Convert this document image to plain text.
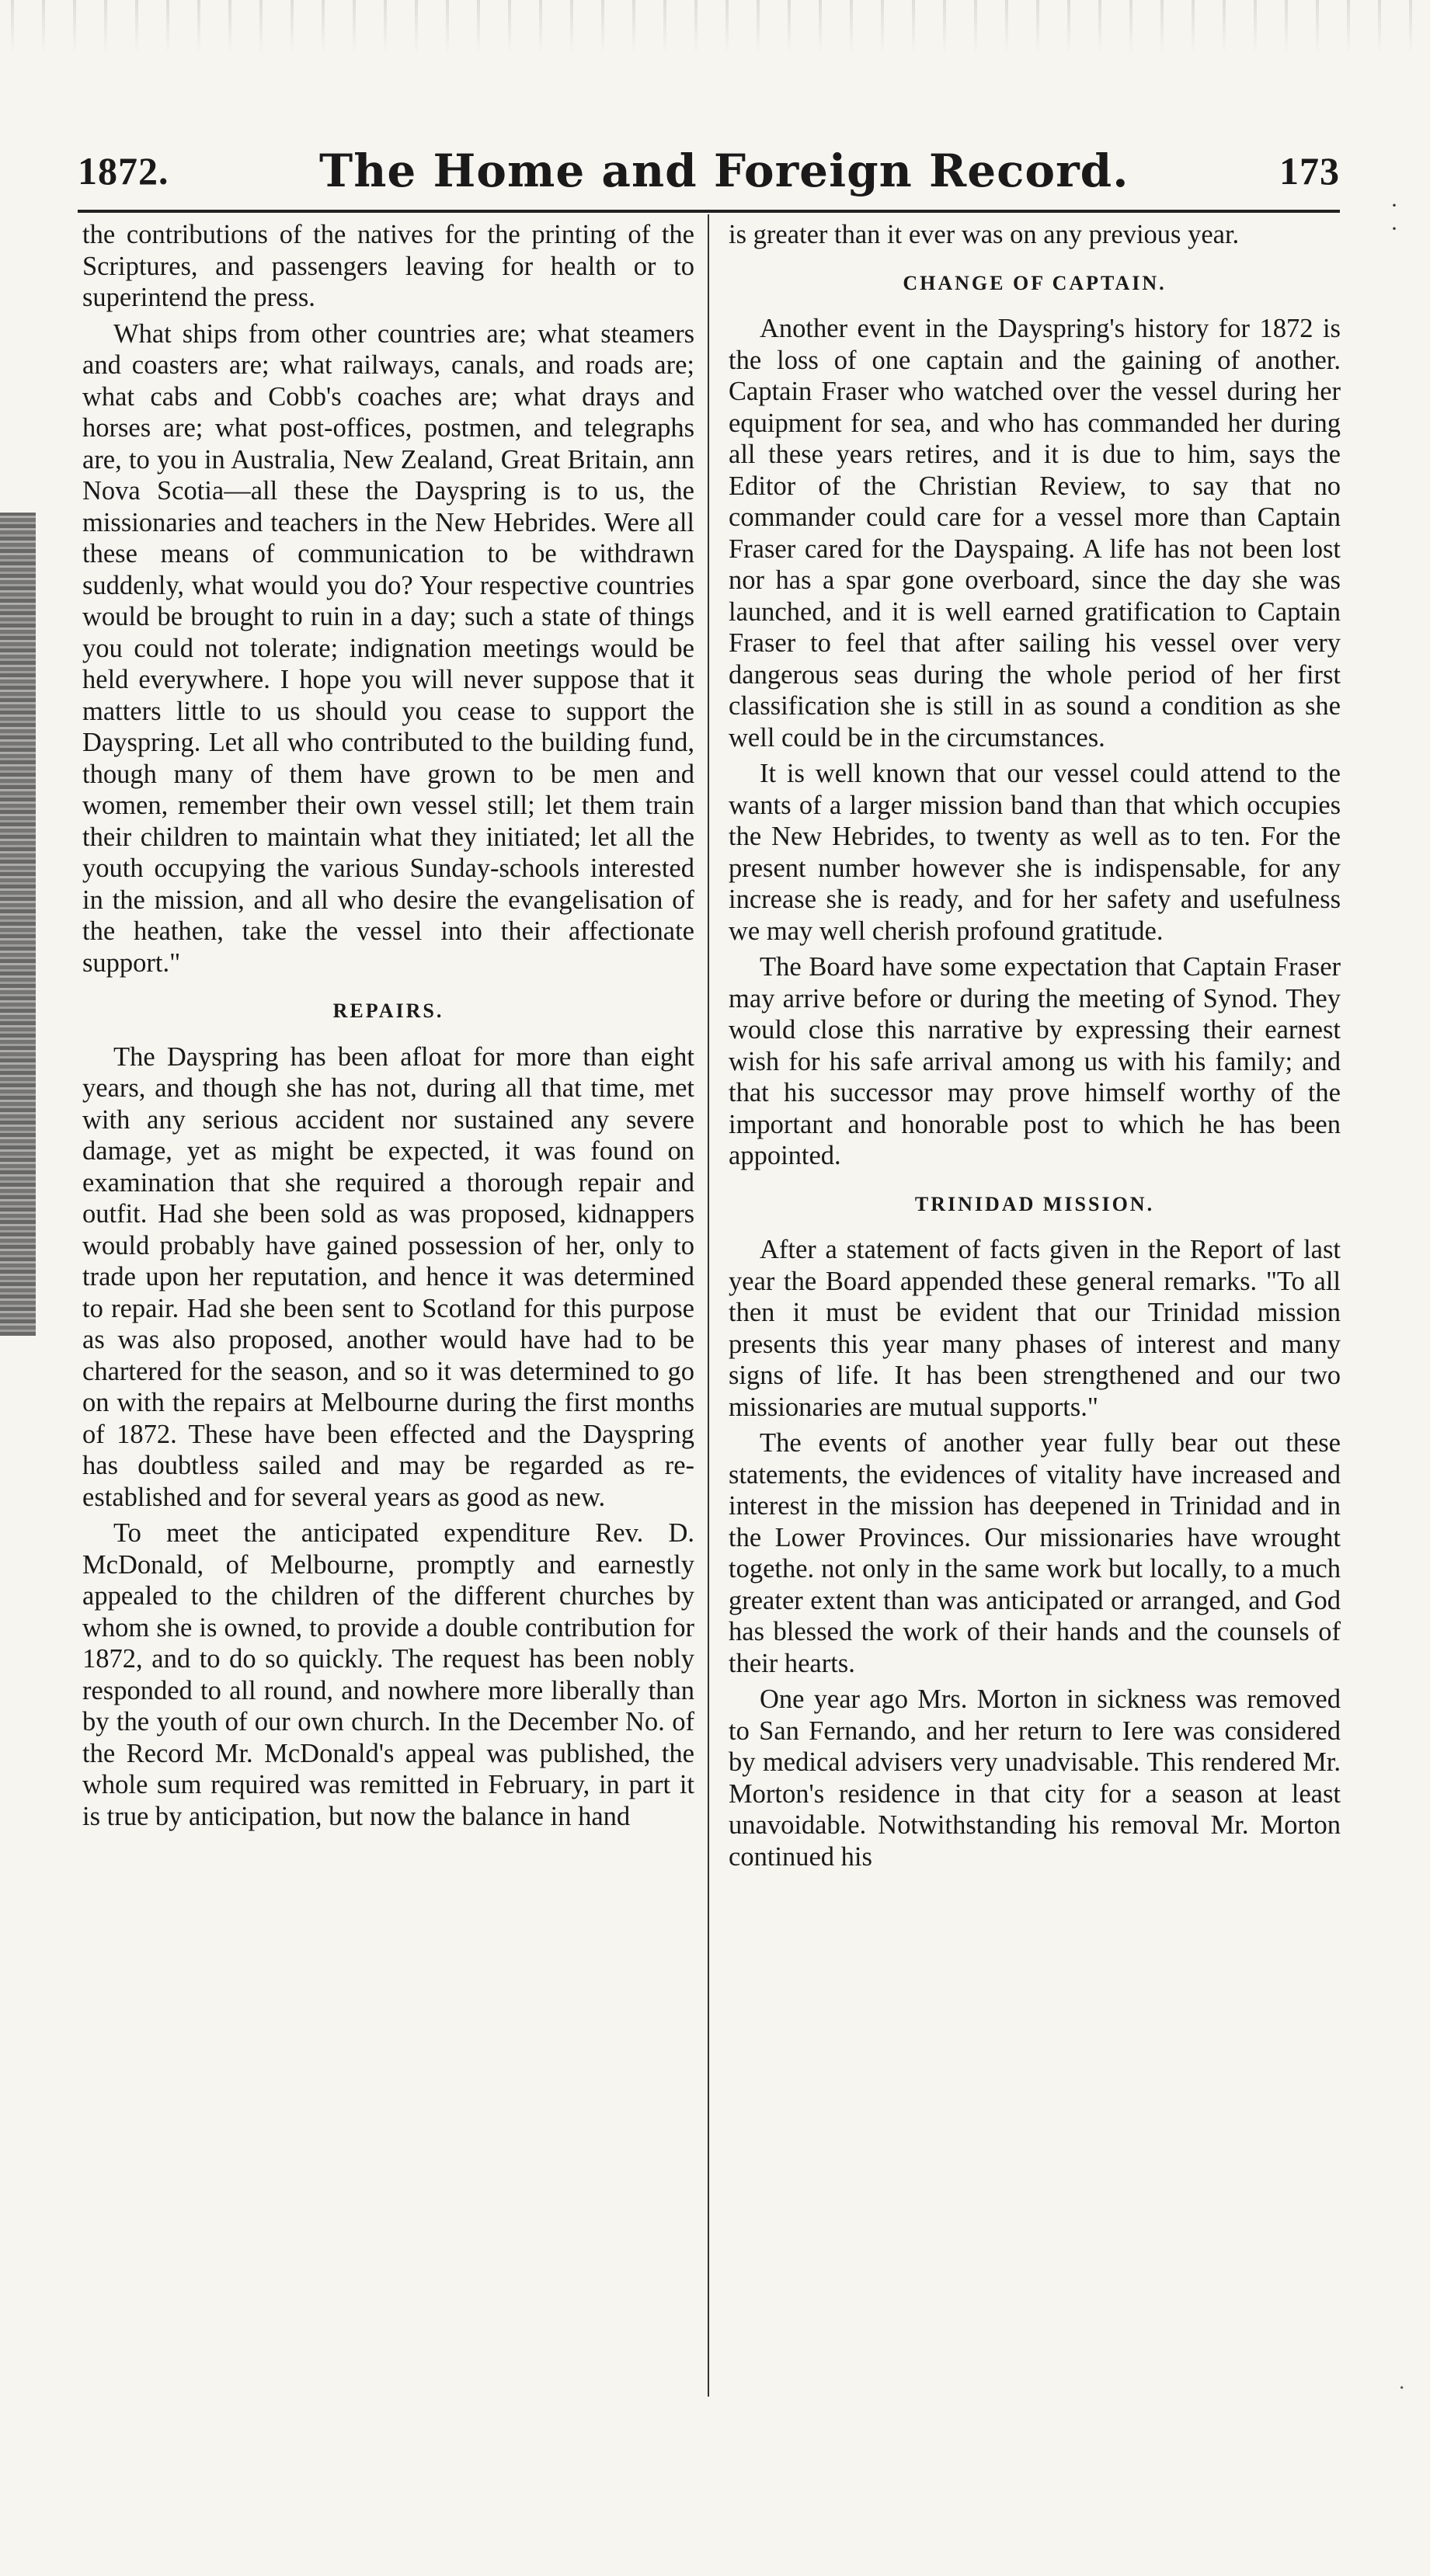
1872.	The Home and Foreign Record.	173

the contributions of the natives for the printing of the Scriptures, and passengers leaving for health or to superintend the press.

What ships from other countries are; what steamers and coasters are; what railways, canals, and roads are; what cabs and Cobb's coaches are; what drays and horses are; what post-offices, postmen, and telegraphs are, to you in Australia, New Zealand, Great Britain, ann Nova Scotia—all these the Dayspring is to us, the missionaries and teachers in the New Hebrides. Were all these means of communication to be withdrawn suddenly, what would you do? Your respective countries would be brought to ruin in a day; such a state of things you could not tolerate; indignation meetings would be held everywhere. I hope you will never suppose that it matters little to us should you cease to support the Dayspring. Let all who contributed to the building fund, though many of them have grown to be men and women, remember their own vessel still; let them train their children to maintain what they initiated; let all the youth occupying the various Sunday-schools interested in the mission, and all who desire the evangelisation of the heathen, take the vessel into their affectionate support."

REPAIRS.

The Dayspring has been afloat for more than eight years, and though she has not, during all that time, met with any serious accident nor sustained any severe damage, yet as might be expected, it was found on examination that she required a thorough repair and outfit. Had she been sold as was proposed, kidnappers would probably have gained possession of her, only to trade upon her reputation, and hence it was determined to repair. Had she been sent to Scotland for this purpose as was also proposed, another would have had to be chartered for the season, and so it was determined to go on with the repairs at Melbourne during the first months of 1872. These have been effected and the Dayspring has doubtless sailed and may be regarded as re-established and for several years as good as new.

To meet the anticipated expenditure Rev. D. McDonald, of Melbourne, promptly and earnestly appealed to the children of the different churches by whom she is owned, to provide a double contribution for 1872, and to do so quickly. The request has been nobly responded to all round, and nowhere more liberally than by the youth of our own church. In the December No. of the Record Mr. McDonald's appeal was published, the whole sum required was remitted in February, in part it is true by anticipation, but now the balance in hand

is greater than it ever was on any previous year.

CHANGE OF CAPTAIN.

Another event in the Dayspring's history for 1872 is the loss of one captain and the gaining of another. Captain Fraser who watched over the vessel during her equipment for sea, and who has commanded her during all these years retires, and it is due to him, says the Editor of the Christian Review, to say that no commander could care for a vessel more than Captain Fraser cared for the Dayspaing. A life has not been lost nor has a spar gone overboard, since the day she was launched, and it is well earned gratification to Captain Fraser to feel that after sailing his vessel over very dangerous seas during the whole period of her first classification she is still in as sound a condition as she well could be in the circumstances.

It is well known that our vessel could attend to the wants of a larger mission band than that which occupies the New Hebrides, to twenty as well as to ten. For the present number however she is indispensable, for any increase she is ready, and for her safety and usefulness we may well cherish profound gratitude.

The Board have some expectation that Captain Fraser may arrive before or during the meeting of Synod. They would close this narrative by expressing their earnest wish for his safe arrival among us with his family; and that his successor may prove himself worthy of the important and honorable post to which he has been appointed.

TRINIDAD MISSION.

After a statement of facts given in the Report of last year the Board appended these general remarks. "To all then it must be evident that our Trinidad mission presents this year many phases of interest and many signs of life. It has been strengthened and our two missionaries are mutual supports."

The events of another year fully bear out these statements, the evidences of vitality have increased and interest in the mission has deepened in Trinidad and in the Lower Provinces. Our missionaries have wrought togethe. not only in the same work but locally, to a much greater extent than was anticipated or arranged, and God has blessed the work of their hands and the counsels of their hearts.

One year ago Mrs. Morton in sickness was removed to San Fernando, and her return to Iere was considered by medical advisers very unadvisable. This rendered Mr. Morton's residence in that city for a season at least unavoidable. Notwithstanding his removal Mr. Morton continued his

·
·
·
